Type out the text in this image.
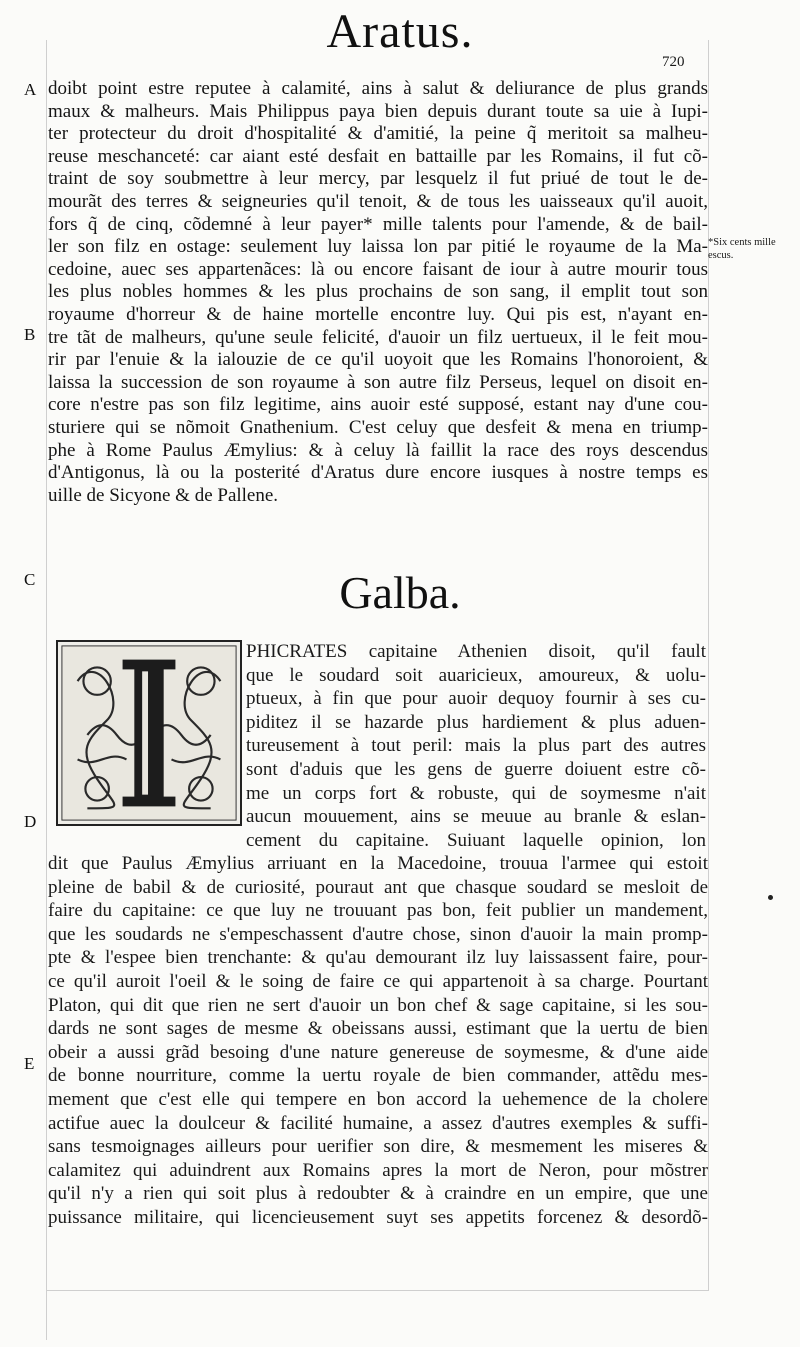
Aratus.
720
A
B
C
D
E
*Six cents mille escus.
doibt point estre reputee à calamité, ains à salut & deliurance de plus grands
maux & malheurs. Mais Philippus paya bien depuis durant toute sa uie à Iupi-
ter protecteur du droit d'hospitalité & d'amitié, la peine q̃ meritoit sa malheu-
reuse meschanceté: car aiant esté desfait en battaille par les Romains, il fut cõ-
traint de soy soubmettre à leur mercy, par lesquelz il fut priué de tout le de-
mourãt des terres & seigneuries qu'il tenoit, & de tous les uaisseaux qu'il auoit,
fors q̃ de cinq, cõdemné à leur payer* mille talents pour l'amende, & de bail-
ler son filz en ostage: seulement luy laissa lon par pitié le royaume de la Ma-
cedoine, auec ses appartenãces: là ou encore faisant de iour à autre mourir tous
les plus nobles hommes & les plus prochains de son sang, il emplit tout son
royaume d'horreur & de haine mortelle encontre luy. Qui pis est, n'ayant en-
tre tãt de malheurs, qu'une seule felicité, d'auoir un filz uertueux, il le feit mou-
rir par l'enuie & la ialouzie de ce qu'il uoyoit que les Romains l'honoroient, &
laissa la succession de son royaume à son autre filz Perseus, lequel on disoit en-
core n'estre pas son filz legitime, ains auoir esté supposé, estant nay d'une cou-
sturiere qui se nõmoit Gnathenium. C'est celuy que desfeit & mena en triump-
phe à Rome Paulus Æmylius: & à celuy là faillit la race des roys descendus
d'Antigonus, là ou la posterité d'Aratus dure encore iusques à nostre temps es
uille de Sicyone & de Pallene.
Galba.
PHICRATES capitaine Athenien disoit, qu'il fault
que le soudard soit auaricieux, amoureux, & uolu-
ptueux, à fin que pour auoir dequoy fournir à ses cu-
piditez il se hazarde plus hardiement & plus aduen-
tureusement à tout peril: mais la plus part des autres
sont d'aduis que les gens de guerre doiuent estre cõ-
me un corps fort & robuste, qui de soymesme n'ait
aucun mouuement, ains se meuue au branle & eslan-
cement du capitaine. Suiuant laquelle opinion, lon
dit que Paulus Æmylius arriuant en la Macedoine, trouua l'armee qui estoit
pleine de babil & de curiosité, pouraut ant que chasque soudard se mesloit de
faire du capitaine: ce que luy ne trouuant pas bon, feit publier un mandement,
que les soudards ne s'empeschassent d'autre chose, sinon d'auoir la main promp-
pte & l'espee bien trenchante: & qu'au demourant ilz luy laissassent faire, pour-
ce qu'il auroit l'oeil & le soing de faire ce qui appartenoit à sa charge. Pourtant
Platon, qui dit que rien ne sert d'auoir un bon chef & sage capitaine, si les sou-
dards ne sont sages de mesme & obeissans aussi, estimant que la uertu de bien
obeir a aussi grãd besoing d'une nature genereuse de soymesme, & d'une aide
de bonne nourriture, comme la uertu royale de bien commander, attẽdu mes-
mement que c'est elle qui tempere en bon accord la uehemence de la cholere
actifue auec la doulceur & facilité humaine, a assez d'autres exemples & suffi-
sans tesmoignages ailleurs pour uerifier son dire, & mesmement les miseres &
calamitez qui aduindrent aux Romains apres la mort de Neron, pour mõstrer
qu'il n'y a rien qui soit plus à redoubter & à craindre en un empire, que une
puissance militaire, qui licencieusement suyt ses appetits forcenez & desordõ-
